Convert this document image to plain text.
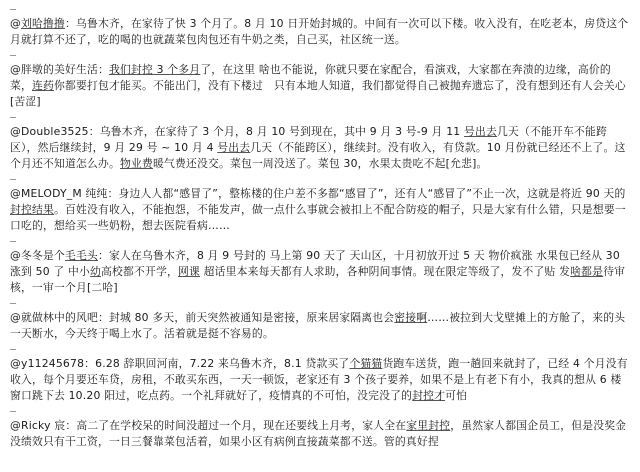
@刘哈撸撸：乌鲁木齐，在家待了快 3 个月了。8 月 10 日开始封城的。中间有一次可以下楼。收入没有，在吃老本，房贷这个月就打算不还了，吃的喝的也就蔬菜包肉包还有牛奶之类，自己买，社区统一送。
@胖墩的美好生活：我们封控 3 个多月了，在这里 啥也不能说，你就只要在家配合，看演戏，大家都在奔溃的边缘，高价的菜，连药你都要打包才能买。不能出门，没有下楼过　只有本地人知道，我们都觉得自己被抛弃遗忘了，没有想到还有人会关心[苦涩]
@Double3525：乌鲁木齐，在家待了 3 个月，8 月 10 号到现在，其中 9 月 3 号-9 月 11 号出去几天（不能开车不能跨区），然后继续封，9 月 29 号 ~ 10 月 4 号出去几天（不能跨区），继续封。没有收入，有贷款。10 月份就已经还不上了。这个月还不知道怎么办。物业费暖气费还没交。菜包一周没送了。菜包 30，水果太贵吃不起[允悲]。
@MELODY_M 纯纯：身边人人都“感冒了”，整栋楼的住户差不多都“感冒了”，还有人“感冒了”不止一次，这就是将近 90 天的封控结果。百姓没有收入，不能抱怨，不能发声，做一点什么事就会被扣上不配合防疫的帽子，只是大家有什么错，只是想要一口吃的，想给买一些奶粉，想去医院看病……
@冬冬是个毛毛头：家人在乌鲁木齐，8 月 9 号封的 马上第 90 天了 天山区，十月初放开过 5 天 物价疯涨 水果包已经从 30 涨到 50 了 中小幼高校都不开学，网课 超话里本来每天都有人求助，各种阴间事情。现在限定等级了，发不了贴 发啥都是待审核，一审一个月[二哈]
@就做林中的风吧：封城 80 多天，前天突然被通知是密接，原来居家隔离也会密接啊……被拉到大戈壁摊上的方舱了，来的头一天断水，今天终于喝上水了。活着就是挺不容易的。
@y11245678：6.28 辞职回河南，7.22 来乌鲁木齐，8.1 贷款买了个猫猫货跑车送货，跑一趟回来就封了，已经 4 个月没有收入，每个月要还车贷，房租，不敢买东西，一天一顿饭，老家还有 3 个孩子要养，如果不是上有老下有小，我真的想从 6 楼窗口跳下去 10.20 阳过，吃点药。一个礼拜就好了，疫情真的不可怕，没完没了的封控才可怕
@Ricky 宸：高二了在学校呆的时间没超过一个月，现在还要线上月考，家人全在家里封控，虽然家人都国企员工，但是没奖金没绩效只有干工资，一日三餐靠菜包活着，如果小区有病例直接蔬菜都不送。管的真好捏
